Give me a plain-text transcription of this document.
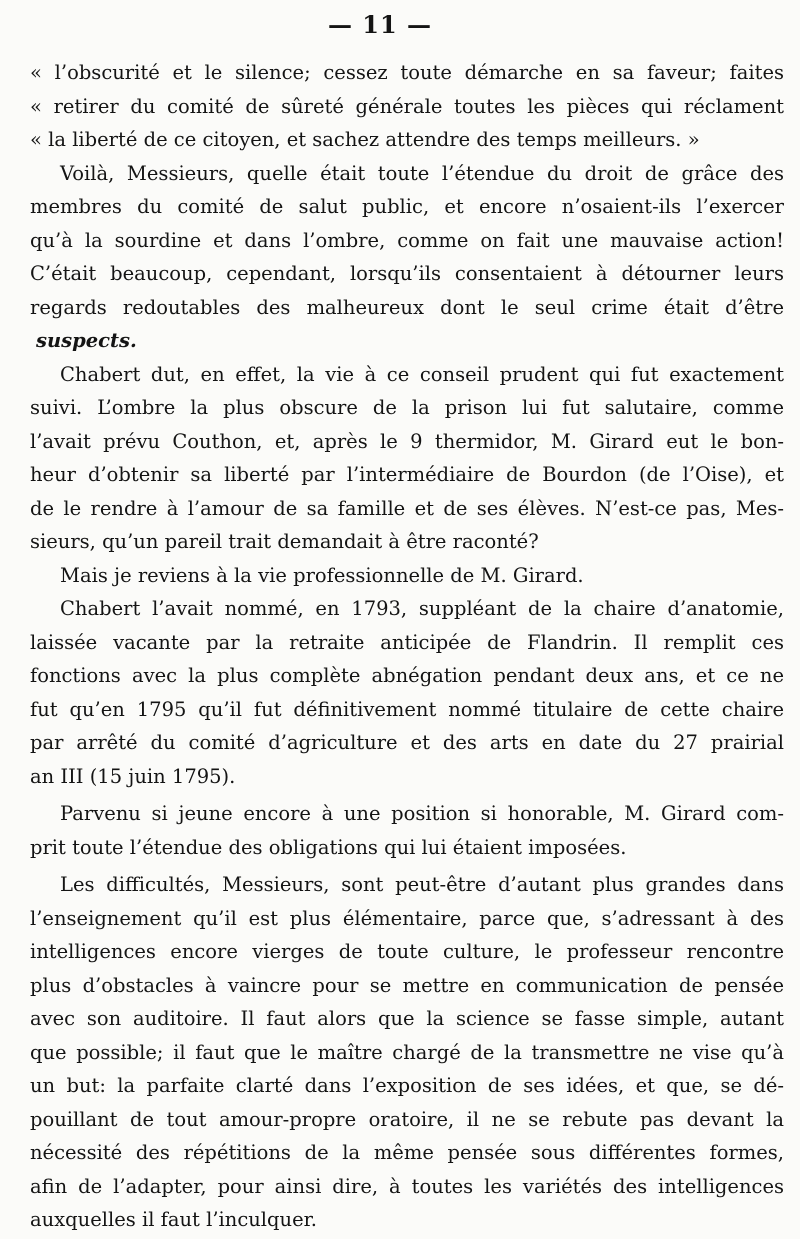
— 11 —
« l’obscurité et le silence; cessez toute démarche en sa faveur; faites
« retirer du comité de sûreté générale toutes les pièces qui réclament
« la liberté de ce citoyen, et sachez attendre des temps meilleurs. »
Voilà, Messieurs, quelle était toute l’étendue du droit de grâce des
membres du comité de salut public, et encore n’osaient-ils l’exercer
qu’à la sourdine et dans l’ombre, comme on fait une mauvaise action!
C’était beaucoup, cependant, lorsqu’ils consentaient à détourner leurs
regards redoutables des malheureux dont le seul crime était d’être
suspects.
Chabert dut, en effet, la vie à ce conseil prudent qui fut exactement
suivi. L’ombre la plus obscure de la prison lui fut salutaire, comme
l’avait prévu Couthon, et, après le 9 thermidor, M. Girard eut le bon-
heur d’obtenir sa liberté par l’intermédiaire de Bourdon (de l’Oise), et
de le rendre à l’amour de sa famille et de ses élèves. N’est-ce pas, Mes-
sieurs, qu’un pareil trait demandait à être raconté?
Mais je reviens à la vie professionnelle de M. Girard.
Chabert l’avait nommé, en 1793, suppléant de la chaire d’anatomie,
laissée vacante par la retraite anticipée de Flandrin. Il remplit ces
fonctions avec la plus complète abnégation pendant deux ans, et ce ne
fut qu’en 1795 qu’il fut définitivement nommé titulaire de cette chaire
par arrêté du comité d’agriculture et des arts en date du 27 prairial
an III (15 juin 1795).
Parvenu si jeune encore à une position si honorable, M. Girard com-
prit toute l’étendue des obligations qui lui étaient imposées.
Les difficultés, Messieurs, sont peut-être d’autant plus grandes dans
l’enseignement qu’il est plus élémentaire, parce que, s’adressant à des
intelligences encore vierges de toute culture, le professeur rencontre
plus d’obstacles à vaincre pour se mettre en communication de pensée
avec son auditoire. Il faut alors que la science se fasse simple, autant
que possible; il faut que le maître chargé de la transmettre ne vise qu’à
un but: la parfaite clarté dans l’exposition de ses idées, et que, se dé-
pouillant de tout amour-propre oratoire, il ne se rebute pas devant la
nécessité des répétitions de la même pensée sous différentes formes,
afin de l’adapter, pour ainsi dire, à toutes les variétés des intelligences
auxquelles il faut l’inculquer.
